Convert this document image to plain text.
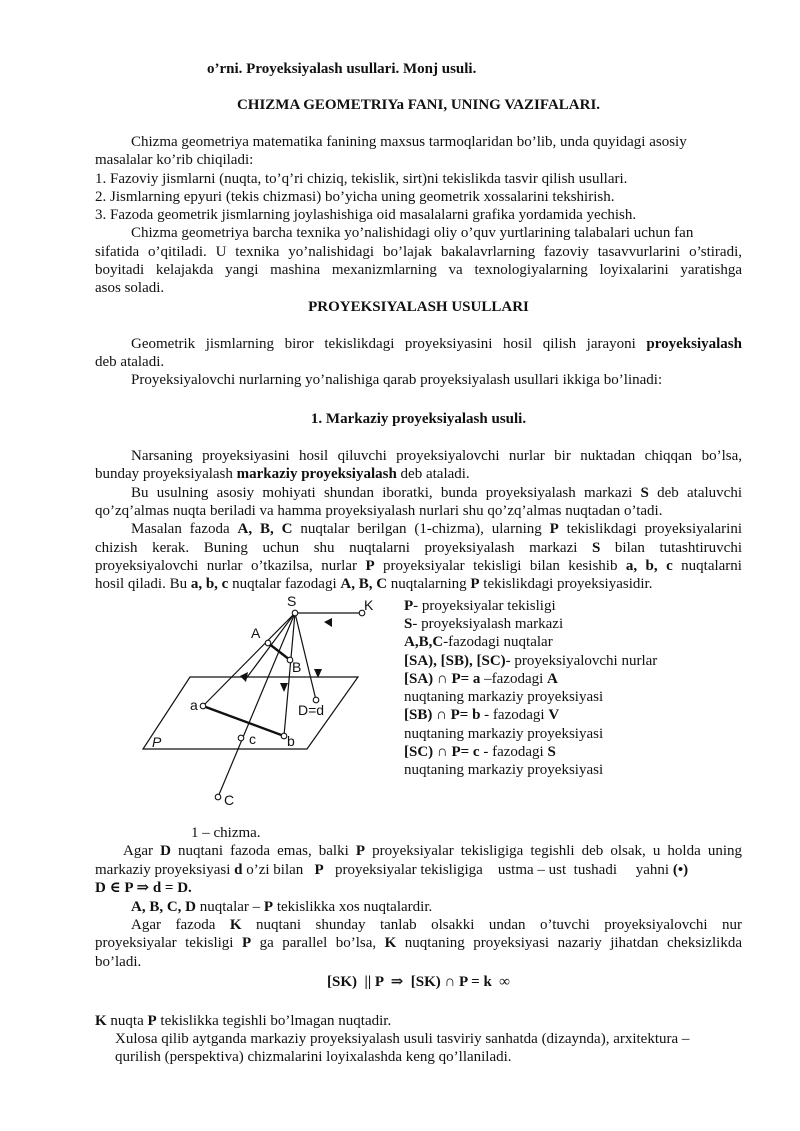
o’rni. Proyeksiyalash usullari. Monj usuli.
CHIZMA GEOMETRIYa FANI, UNING VAZIFALARI.
Chizma geometriya matematika fanining maxsus tarmoqlaridan bo’lib, unda quyidagi asosiy
masalalar ko’rib chiqiladi:
1. Fazoviy jismlarni (nuqta, to’q’ri chiziq, tekislik, sirt)ni tekislikda tasvir qilish usullari.
2. Jismlarning epyuri (tekis chizmasi) bo’yicha uning geometrik xossalarini tekshirish.
3. Fazoda geometrik jismlarning joylashishiga oid masalalarni grafika yordamida yechish.
Chizma geometriya barcha texnika yo’nalishidagi oliy o’quv yurtlarining talabalari uchun fan
sifatida o’qitiladi. U texnika yo’nalishidagi bo’lajak bakalavrlarning fazoviy tasavvurlarini o’stiradi,
boyitadi kelajakda yangi mashina mexanizmlarning va texnologiyalarning loyixalarini yaratishga
asos soladi.
PROYEKSIYALASH USULLARI
Geometrik jismlarning biror tekislikdagi proyeksiyasini hosil qilish jarayoni proyeksiyalash
deb ataladi.
Proyeksiyalovchi nurlarning yo’nalishiga qarab proyeksiyalash usullari ikkiga bo’linadi:
1. Markaziy proyeksiyalash usuli.
Narsaning proyeksiyasini hosil qiluvchi proyeksiyalovchi nurlar bir nuktadan chiqqan bo’lsa,
bunday proyeksiyalash markaziy proyeksiyalash deb ataladi.
Bu usulning asosiy mohiyati shundan iboratki, bunda proyeksiyalash markazi S deb ataluvchi
qo’zq’almas nuqta beriladi va hamma proyeksiyalash nurlari shu qo’zq’almas nuqtadan o’tadi.
Masalan fazoda A, B, C nuqtalar berilgan (1-chizma), ularning P tekislikdagi proyeksiyalarini
chizish kerak. Buning uchun shu nuqtalarni proyeksiyalash markazi S bilan tutashtiruvchi
proyeksiyalovchi nurlar o’tkazilsa, nurlar P proyeksiyalar tekisligi bilan kesishib a, b, c nuqtalarni
hosil qiladi. Bu a, b, c nuqtalar fazodagi A, B, C nuqtalarning P tekislikdagi proyeksiyasidir.
S	K
A
B
a	D=d
P	c b
C
P- proyeksiyalar tekisligi
S- proyeksiyalash markazi
A,B,C-fazodagi nuqtalar
[SA), [SB), [SC)- proyeksiyalovchi nurlar
[SA) ∩ P= a –fazodagi A
nuqtaning markaziy proyeksiyasi
[SB) ∩ P= b - fazodagi V
nuqtaning markaziy proyeksiyasi
[SC) ∩ P= c - fazodagi S
nuqtaning markaziy proyeksiyasi
1 – chizma.
Agar D nuqtani fazoda emas, balki P proyeksiyalar tekisligiga tegishli deb olsak, u holda uning
markaziy proyeksiyasi d o’zi bilan   P   proyeksiyalar tekisligiga    ustma – ust  tushadi     yahni (•)
D ∈ P ⇒ d = D.
A, B, C, D nuqtalar – P tekislikka xos nuqtalardir.
Agar fazoda K nuqtani shunday tanlab olsakki undan o’tuvchi proyeksiyalovchi nur
proyeksiyalar tekisligi P ga parallel bo’lsa, K nuqtaning proyeksiyasi nazariy jihatdan cheksizlikda
bo’ladi.
[SK)  || P  ⇒  [SK) ∩ P = k  ∞
K nuqta P tekislikka tegishli bo’lmagan nuqtadir.
Xulosa qilib aytganda markaziy proyeksiyalash usuli tasviriy sanhatda (dizaynda), arxitektura –
qurilish (perspektiva) chizmalarini loyixalashda keng qo’llaniladi.
